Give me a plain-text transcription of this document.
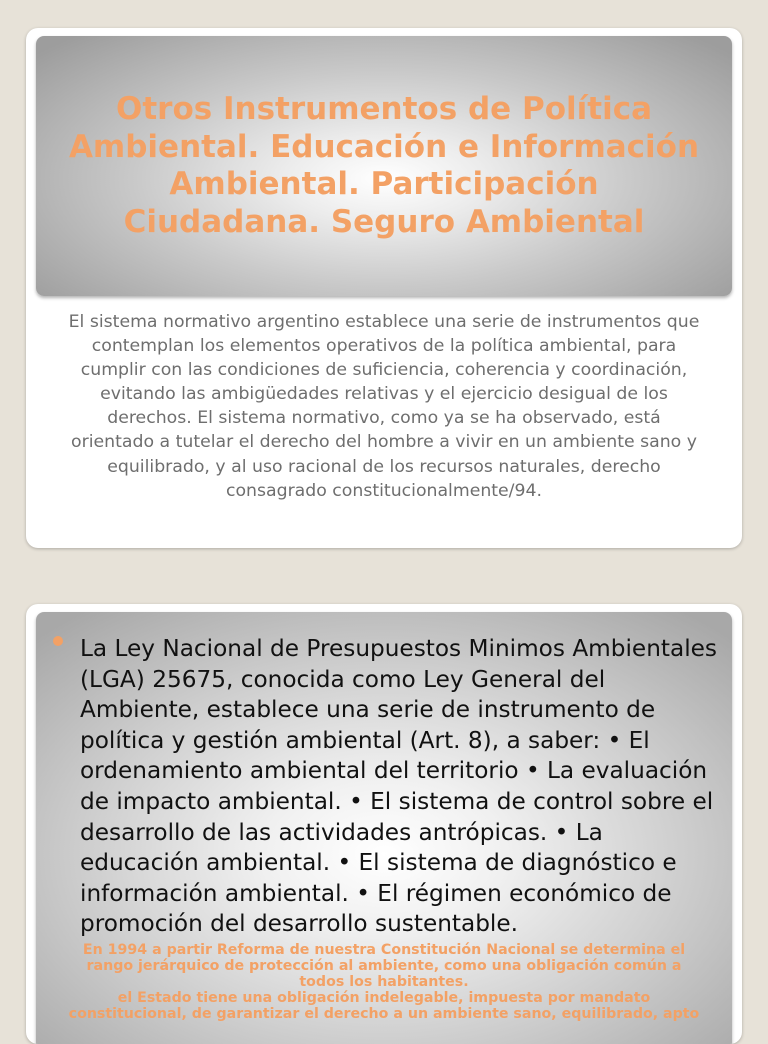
Otros Instrumentos de Política Ambiental. Educación e Información Ambiental. Participación Ciudadana. Seguro Ambiental

El sistema normativo argentino establece una serie de instrumentos que contemplan los elementos operativos de la política ambiental, para cumplir con las condiciones de suficiencia, coherencia y coordinación, evitando las ambigüedades relativas y el ejercicio desigual de los derechos. El sistema normativo, como ya se ha observado, está orientado a tutelar el derecho del hombre a vivir en un ambiente sano y equilibrado, y al uso racional de los recursos naturales, derecho consagrado constitucionalmente/94.

La Ley Nacional de Presupuestos Minimos Ambientales (LGA) 25675, conocida como Ley General del Ambiente, establece una serie de instrumento de política y gestión ambiental (Art. 8), a saber: • El ordenamiento ambiental del territorio • La evaluación de impacto ambiental. • El sistema de control sobre el desarrollo de las actividades antrópicas. • La educación ambiental. • El sistema de diagnóstico e información ambiental. • El régimen económico de promoción del desarrollo sustentable.

En 1994 a partir Reforma de nuestra Constitución Nacional se determina el rango jerárquico de protección al ambiente, como una obligación común a todos los habitantes.
el Estado tiene una obligación indelegable, impuesta por mandato constitucional, de garantizar el derecho a un ambiente sano, equilibrado, apto
